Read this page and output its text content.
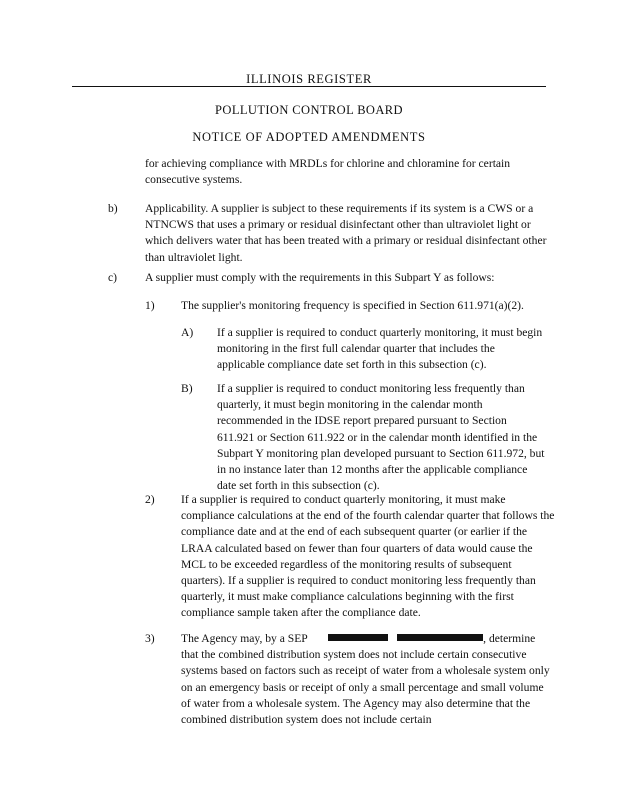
ILLINOIS REGISTER
POLLUTION CONTROL BOARD
NOTICE OF ADOPTED AMENDMENTS

for achieving compliance with MRDLs for chlorine and chloramine for certain consecutive systems.

b) Applicability. A supplier is subject to these requirements if its system is a CWS or a NTNCWS that uses a primary or residual disinfectant other than ultraviolet light or which delivers water that has been treated with a primary or residual disinfectant other than ultraviolet light.

c) A supplier must comply with the requirements in this Subpart Y as follows:

1) The supplier's monitoring frequency is specified in Section 611.971(a)(2).

A) If a supplier is required to conduct quarterly monitoring, it must begin monitoring in the first full calendar quarter that includes the applicable compliance date set forth in this subsection (c).

B) If a supplier is required to conduct monitoring less frequently than quarterly, it must begin monitoring in the calendar month recommended in the IDSE report prepared pursuant to Section 611.921 or Section 611.922 or in the calendar month identified in the Subpart Y monitoring plan developed pursuant to Section 611.972, but in no instance later than 12 months after the applicable compliance date set forth in this subsection (c).

2) If a supplier is required to conduct quarterly monitoring, it must make compliance calculations at the end of the fourth calendar quarter that follows the compliance date and at the end of each subsequent quarter (or earlier if the LRAA calculated based on fewer than four quarters of data would cause the MCL to be exceeded regardless of the monitoring results of subsequent quarters). If a supplier is required to conduct monitoring less frequently than quarterly, it must make compliance calculations beginning with the first compliance sample taken after the compliance date.

3) The Agency may, by a SEP	, determine that the combined distribution system does not include certain consecutive systems based on factors such as receipt of water from a wholesale system only on an emergency basis or receipt of only a small percentage and small volume of water from a wholesale system. The Agency may also determine that the combined distribution system does not include certain
